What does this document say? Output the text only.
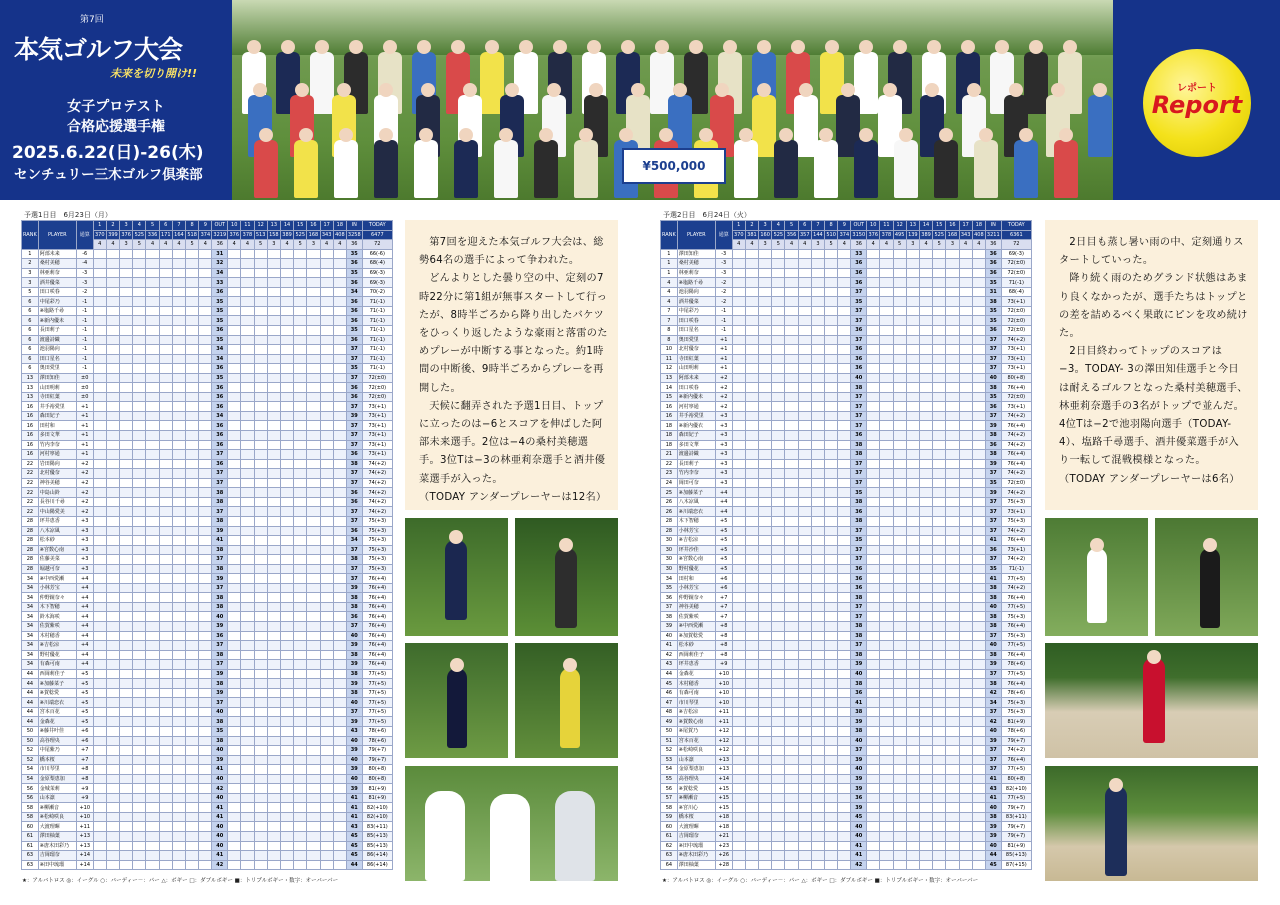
第7回
本気ゴルフ大会
未来を切り開け!!
女子プロテスト
合格応援選手権
2025.6.22(日)-26(木)
センチュリー三木ゴルフ倶楽部
¥500,000
レポート
Report
予選1日目　6月23日（月）
RANK	PLAYER	通算	1	2	3	4	5	6	7	8	9	OUT	10	11	12	13	14	15	16	17	18	IN	TODAY
			370	399	376	525	336	171	164	518	374	3219	376	378	513	158	389	525	168	343	408	3258	6477
			4	4	3	5	4	4	4	5	4	36	4	4	5	3	4	5	3	4	4	36	72
1	阿部未来	-6										31										35	66(-6)
2	桑村美穂	-4										32										36	68(-4)
3	林亜莉奈	-3										34										35	69(-3)
3	酒井優菜	-3										33										36	69(-3)
5	田口咲春	-2										36										34	70(-2)
6	中尾彩乃	-1										35										36	71(-1)
6	※塩路千尋	-1										35										36	71(-1)
6	※新内優未	-1										35										36	71(-1)
6	長田莉子	-1										36										35	71(-1)
6	渡邊詩織	-1										35										36	71(-1)
6	池羽陽向	-1										34										37	71(-1)
6	田口星名	-1										34										37	71(-1)
6	奥田愛里	-1										36										35	71(-1)
13	澤田知佳	±0										35										37	72(±0)
13	山田明莉	±0										36										36	72(±0)
13	寺田紅葉	±0										36										36	72(±0)
16	井手裕愛里	+1										36										37	73(+1)
16	森田妃子	+1										34										39	73(+1)
16	田村和	+1										36										37	73(+1)
16	多田文華	+1										36										37	73(+1)
16	竹内李奈	+1										36										37	73(+1)
16	河村寧通	+1										37										36	73(+1)
22	岩田陽向	+2										36										38	74(+2)
22	北村優奈	+2										37										37	74(+2)
22	神谷美穂	+2										37										37	74(+2)
22	中島山鈴	+2										38										36	74(+2)
22	長谷川千尋	+2										38										36	74(+2)
22	中山陽愛美	+2										37										37	74(+2)
28	坪井恵香	+3										38										37	75(+3)
28	八木凉風	+3										39										36	75(+3)
28	松本紗	+3										41										34	75(+3)
28	※宮数心南	+3										38										37	75(+3)
28	佐藤美菜	+3										37										38	75(+3)
28	堀越可奈	+3										38										37	75(+3)
34	※中西愛瀬	+4										39										37	76(+4)
34	小林芳宝	+4										37										39	76(+4)
34	仲野鏡奈々	+4										38										38	76(+4)
34	木下智穂	+4										38										38	76(+4)
34	鈴木海咲	+4										40										36	76(+4)
34	佐賀紫咲	+4										39										37	76(+4)
34	木村穂香	+4										36										40	76(+4)
34	※吉松凉	+4										37										39	76(+4)
34	野村優花	+4										38										38	76(+4)
34	有森可南	+4										37										39	76(+4)
44	西岡莉佳子	+5										39										38	77(+5)
44	※加藤菜子	+5										38										39	77(+5)
44	※賀稔愛	+5										39										38	77(+5)
44	※川端恋衣	+5										37										40	77(+5)
44	宮本百花	+5										40										37	77(+5)
44	金森花	+5										38										39	77(+5)
50	※藤井叶佳	+6										35										43	78(+6)
50	高谷理央	+6										38										40	78(+6)
52	中尾紫乃	+7										40										39	79(+7)
52	橋本桜	+7										39										40	79(+7)
54	市川琴里	+8										41										39	80(+8)
54	金原梨恵加	+8										40										40	80(+8)
56	金城茉莉	+9										42										39	81(+9)
56	山本凛	+9										40										41	81(+9)
58	※柳瀬音	+10										41										41	82(+10)
58	※松崎咲良	+10										41										41	82(+10)
60	大渡理暉	+11										40										43	83(+11)
61	澤田柚葉	+13										40										45	85(+13)
61	※唐木田彩乃	+13										40										45	85(+13)
63	吉岡瑠奈	+14										41										45	86(+14)
63	※田中琉瑠	+14										42										44	86(+14)
★：アルバトロス ◎：イーグル ○：バーディー－：パー △：ボギー □：ダブルボギー ■：トリプルボギー・数字：オーバーパー

第7回を迎えた本気ゴルフ大会は、総勢64名の選手によって争われた。

どんよりとした曇り空の中、定刻の7時22分に第1組が無事スタートして行ったが、8時半ごろから降り出したバケツをひっくり返したような豪雨と落雷のためプレーが中断する事となった。約1時間の中断後、9時半ごろからプレーを再開した。

天候に翻弄された予選1日目、トップに立ったのは−6とスコアを伸ばした阿部未来選手。2位は−4の桑村美穂選手。3位Tは−3の林亜莉奈選手と酒井優菜選手が入った。

（TODAY アンダープレーヤーは12名）

予選2日目　6月24日（火）
RANK	PLAYER	通算	1	2	3	4	5	6	7	8	9	OUT	10	11	12	13	14	15	16	17	18	IN	TODAY
			370	381	160	525	356	357	144	510	374	3150	376	378	495	139	389	525	168	343	408	3211	6361
			4	4	3	5	4	4	3	5	4	36	4	4	5	3	4	5	3	4	4	36	72
1	澤田知佳	-3										33										36	69(-3)
1	桑村美穂	-3										36										36	72(±0)
1	林亜莉奈	-3										36										36	72(±0)
4	※塩路千尋	-2										36										35	71(-1)
4	池羽陽向	-2										37										31	68(-4)
4	酒井優菜	-2										35										38	73(+1)
7	中尾彩乃	-1										37										35	72(±0)
7	田口咲春	-1										37										35	72(±0)
8	田口星名	-1										36										36	72(±0)
8	奥田愛里	+1										37										37	74(+2)
10	北村優奈	+1										36										37	73(+1)
11	寺田紅葉	+1										36										37	73(+1)
12	山田明莉	+1										36										37	73(+1)
13	阿部未来	+2										40										40	80(+8)
14	田口咲春	+2										38										38	76(+4)
15	※新内優未	+2										37										35	72(±0)
16	河村寧通	+2										37										36	73(+1)
16	井手裕愛里	+3										37										37	74(+2)
18	※新内優衣	+3										37										39	76(+4)
18	森田妃子	+3										36										38	74(+2)
18	多田文華	+3										38										36	74(+2)
21	渡邊詩織	+3										38										38	76(+4)
22	長田莉子	+3										37										39	76(+4)
23	竹内李奈	+3										37										37	74(+2)
24	岡田可奈	+3										37										35	72(±0)
25	※加藤菜子	+4										35										39	74(+2)
26	八木凉風	+4										38										37	75(+3)
26	※川端恋衣	+4										36										37	73(+1)
28	木下智穂	+5										38										37	75(+3)
28	小林芳宝	+5										37										37	74(+2)
30	※吉松凉	+5										35										41	76(+4)
30	坪井沙佳	+5										37										36	73(+1)
30	※宮数心南	+5										37										37	74(+2)
30	野村優花	+5										36										35	71(-1)
34	田村和	+6										36										41	77(+5)
35	小林芳宝	+6										36										38	74(+2)
36	仲野鏡奈々	+7										38										38	76(+4)
37	神谷美穂	+7										37										40	77(+5)
38	佐賀紫咲	+7										37										38	75(+3)
39	※中西愛瀬	+8										38										38	76(+4)
40	※加賀稔愛	+8										38										37	75(+3)
41	松本紗	+8										37										40	77(+5)
42	西岡莉佳子	+8										38										38	76(+4)
43	坪井恵香	+9										39										39	78(+6)
44	金森花	+10										40										37	77(+5)
45	木村穂香	+10										38										38	76(+4)
46	有森可南	+10										36										42	78(+6)
47	市川琴里	+10										41										34	75(+3)
48	※吉松凉	+11										38										37	75(+3)
49	※賀数心南	+11										39										42	81(+9)
50	※尾賀乃	+12										38										40	78(+6)
51	宮本百花	+12										40										39	79(+7)
52	※松崎咲良	+12										37										37	74(+2)
53	山本凛	+13										39										37	76(+4)
54	金原梨恵加	+13										40										37	77(+5)
55	高谷理央	+14										39										41	80(+8)
56	※賀稔愛	+15										39										43	82(+10)
57	※柳瀬音	+15										36										41	77(+5)
58	※宮川心	+15										39										40	79(+7)
59	橋本桜	+18										45										38	83(+11)
60	大渡理暉	+18										40										39	79(+7)
61	吉岡瑠奈	+21										40										39	79(+7)
62	※田中琉瑠	+23										41										40	81(+9)
63	※唐木田彩乃	+26										41										44	85(+13)
64	澤田柚葉	+28										42										45	87(+15)
★：アルバトロス ◎：イーグル ○：バーディー－：パー △：ボギー □：ダブルボギー ■：トリプルボギー・数字：オーバーパー

2日目も蒸し暑い雨の中、定刻通りスタートしていった。

降り続く雨のためグランド状態はあまり良くなかったが、選手たちはトップとの差を詰めるべく果敢にピンを攻め続けた。

2日目終わってトップのスコアは−3。TODAY- 3の澤田知佳選手と今日は耐えるゴルフとなった桑村美穂選手、林亜莉奈選手の3名がトップで並んだ。4位Tは−2で池羽陽向選手（TODAY-4）、塩路千尋選手、酒井優菜選手が入り一転して混戦模様となった。

（TODAY アンダープレーヤーは6名）
